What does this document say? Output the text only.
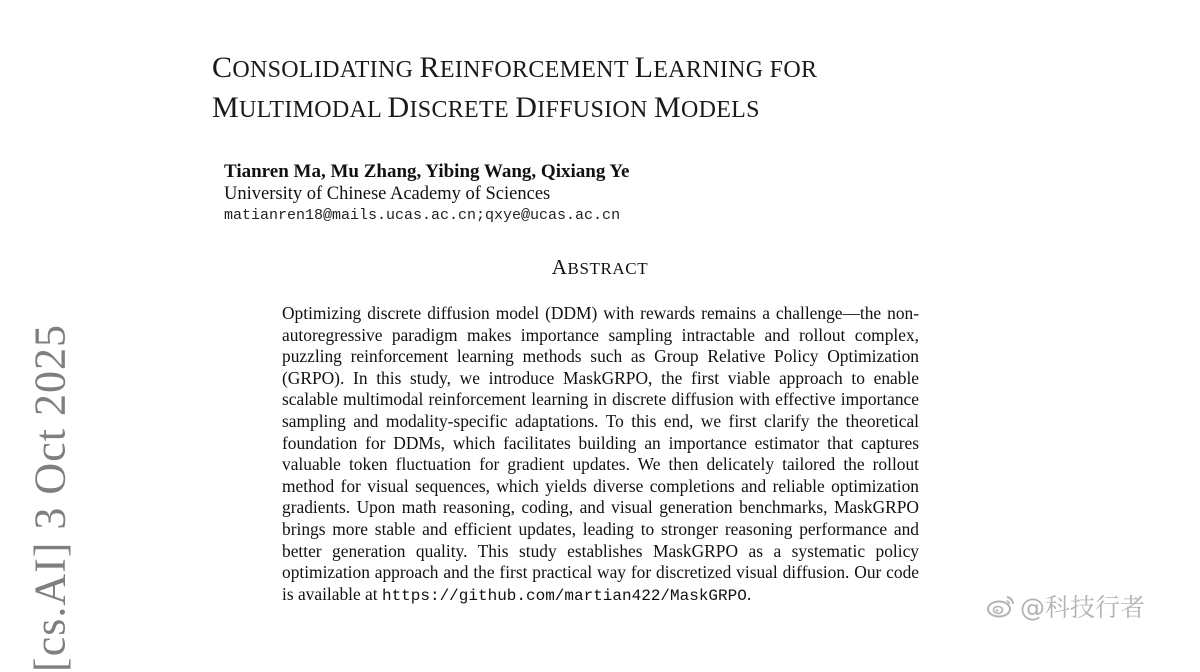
CONSOLIDATING REINFORCEMENT LEARNING FOR
MULTIMODAL DISCRETE DIFFUSION MODELS
Tianren Ma, Mu Zhang, Yibing Wang, Qixiang Ye
University of Chinese Academy of Sciences
matianren18@mails.ucas.ac.cn;qxye@ucas.ac.cn
ABSTRACT
Optimizing discrete diffusion model (DDM) with rewards remains a challenge—the non-autoregressive paradigm makes importance sampling intractable and rollout complex, puzzling reinforcement learning methods such as Group Relative Policy Optimization (GRPO). In this study, we introduce MaskGRPO, the first viable approach to enable scalable multimodal reinforcement learning in discrete diffusion with effective importance sampling and modality-specific adaptations. To this end, we first clarify the theoretical foundation for DDMs, which facilitates building an importance estimator that captures valuable token fluctuation for gradient updates. We then delicately tailored the rollout method for visual sequences, which yields diverse completions and reliable optimization gradients. Upon math reasoning, coding, and visual generation benchmarks, MaskGRPO brings more stable and efficient updates, leading to stronger reasoning performance and better generation quality. This study establishes MaskGRPO as a systematic policy optimization approach and the first practical way for discretized visual diffusion. Our code is available at https://github.com/martian422/MaskGRPO.
[cs.AI] 3 Oct 2025	@科技行者
